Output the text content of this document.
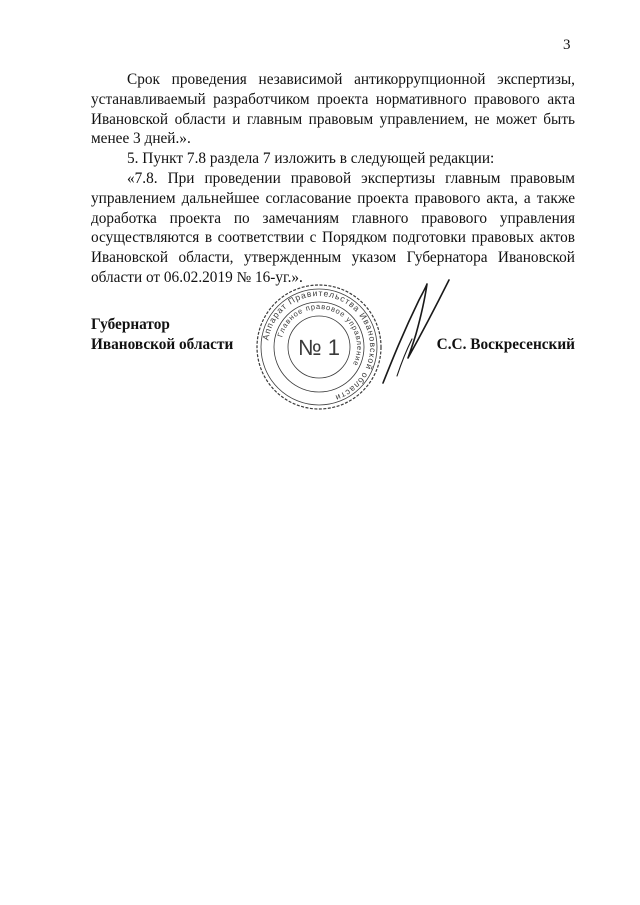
3

Срок проведения независимой антикоррупционной экспертизы, устанавливаемый разработчиком проекта нормативного правового акта Ивановской области и главным правовым управлением, не может быть менее 3 дней.».

5. Пункт 7.8 раздела 7 изложить в следующей редакции:

«7.8. При проведении правовой экспертизы главным правовым управлением дальнейшее согласование проекта правового акта, а также доработка проекта по замечаниям главного правового управления осуществляются в соответствии с Порядком подготовки правовых актов Ивановской области, утвержденным указом Губернатора Ивановской области от 06.02.2019 № 16-уг.».

Губернатор
Ивановской области	С.С. Воскресенский
Аппарат Правительства Ивановской области
Главное правовое управление
№ 1
